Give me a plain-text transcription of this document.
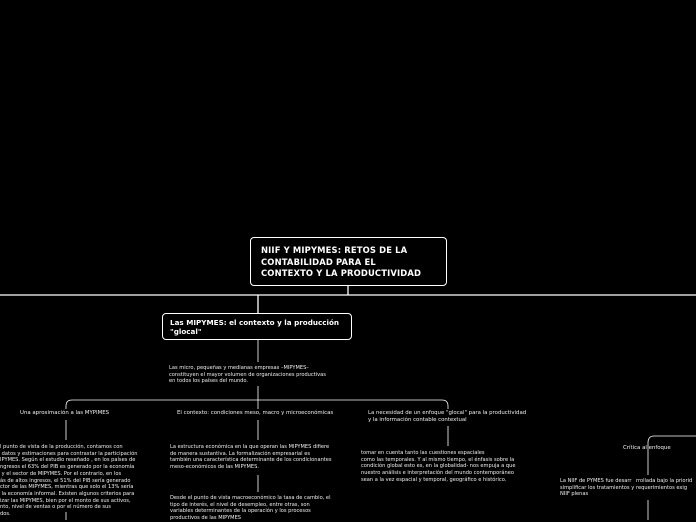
NIIF Y MIPYMES: RETOS DE LA
CONTABILIDAD PARA EL
CONTEXTO Y LA PRODUCTIVIDAD
Las MIPYMES: el contexto y la producción
"glocal"
Las micro, pequeñas y medianas empresas –MIPYMES–
constituyen el mayor volumen de organizaciones productivas
en todos los países del mundo.
Una aproximación a las MYPIMES	El contexto: condiciones meso, macro y microeconómicas	La necesidad de un enfoque "glocal" para la productividad
y la información contable contextual
l punto de vista de la producción, contamos con
datos y estimaciones para contrastar la participación
IPYMES. Según el estudio reseñado , en los países de
ngresos el 63% del PIB es generado por la economía
y el sector de MIPYMES. Por el contrario, en los
ás de altos ingresos, el 51% del PIB sería generado
ctor de las MIPYMES, mientras que solo el 13% sería
la economía informal. Existen algunos criterios para
izar las MIPYMES, bien por el monto de sus activos,
nto, nivel de ventas o por el número de sus
dos.
La estructura económica en la que operan las MIPYMES difiere
de manera sustantiva. La formalización empresarial es
también una característica determinante de los condicionantes
meso-económicos de las MIPYMES.
Desde el punto de vista macroeconómico la tasa de cambio, el
tipo de interés, el nivel de desempleo, entre otras, son
variables determinantes de la operación y los procesos
productivos de las MIPYMES
tomar en cuenta tanto las cuestiones espaciales
como las temporales. Y al mismo tiempo, el énfasis sobre la
condición global esto es, en la globalidad- nos empuja a que
nuestro análisis e interpretación del mundo contemporáneo
sean a la vez espacial y temporal, geográfico e histórico.
Crítica al enfoque
La NIIF de PYMES fue desarr
simplificar los tratamientos y
NIIF plenas
rrollada bajo la priorid
requerimientos exig
